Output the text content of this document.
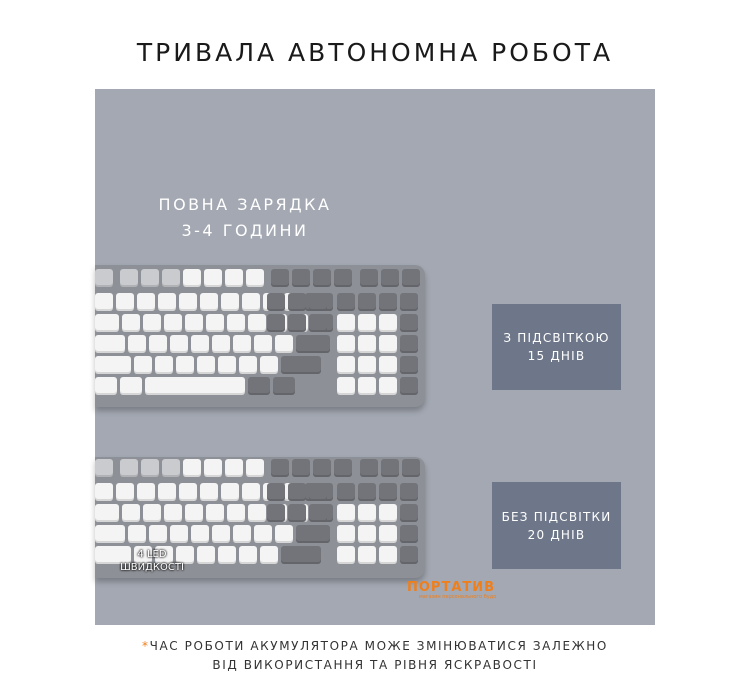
ТРИВАЛА АВТОНОМНА РОБОТА
ПОВНА ЗАРЯДКА
3-4 ГОДИНИ
З ПІДСВІТКОЮ
15 ДНІВ
БЕЗ ПІДСВІТКИ
20 ДНІВ
4 LED
ШВИДКОСТІ
ПОРТАТИВ
магазин персонального будо
*ЧАС РОБОТИ АКУМУЛЯТОРА МОЖЕ ЗМІНЮВАТИСЯ ЗАЛЕЖНО
ВІД ВИКОРИСТАННЯ ТА РІВНЯ ЯСКРАВОСТІ
